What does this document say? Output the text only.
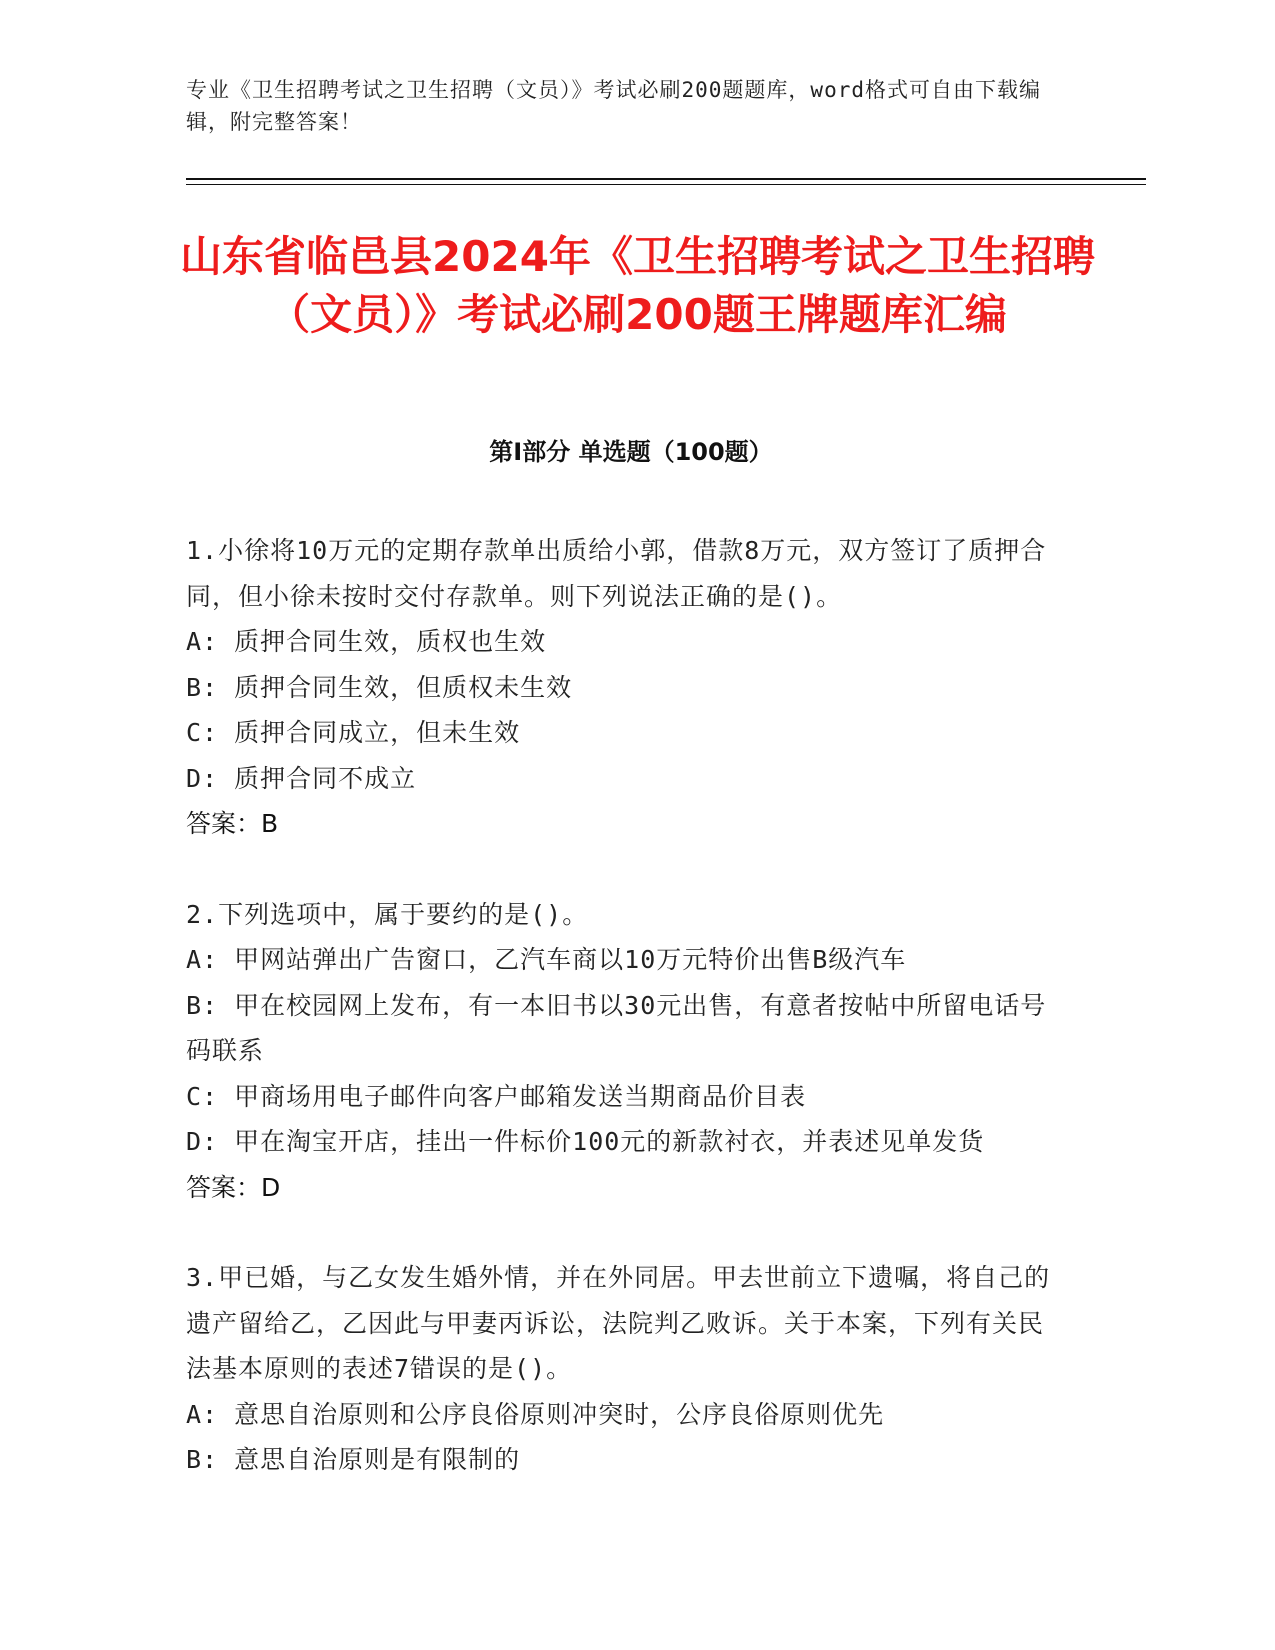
专业《卫生招聘考试之卫生招聘（文员）》考试必刷200题题库，word格式可自由下载编辑，附完整答案！
山东省临邑县2024年《卫生招聘考试之卫生招聘（文员）》考试必刷200题王牌题库汇编
第Ⅰ部分 单选题（100题）

1.小徐将10万元的定期存款单出质给小郭，借款8万元，双方签订了质押合同，但小徐未按时交付存款单。则下列说法正确的是()。

A: 质押合同生效，质权也生效

B: 质押合同生效，但质权未生效

C: 质押合同成立，但未生效

D: 质押合同不成立

答案：B

2.下列选项中，属于要约的是()。

A: 甲网站弹出广告窗口，乙汽车商以10万元特价出售B级汽车

B: 甲在校园网上发布，有一本旧书以30元出售，有意者按帖中所留电话号码联系

C: 甲商场用电子邮件向客户邮箱发送当期商品价目表

D: 甲在淘宝开店，挂出一件标价100元的新款衬衣，并表述见单发货

答案：D

3.甲已婚，与乙女发生婚外情，并在外同居。甲去世前立下遗嘱，将自己的遗产留给乙，乙因此与甲妻丙诉讼，法院判乙败诉。关于本案，下列有关民法基本原则的表述7错误的是()。

A: 意思自治原则和公序良俗原则冲突时，公序良俗原则优先

B: 意思自治原则是有限制的
